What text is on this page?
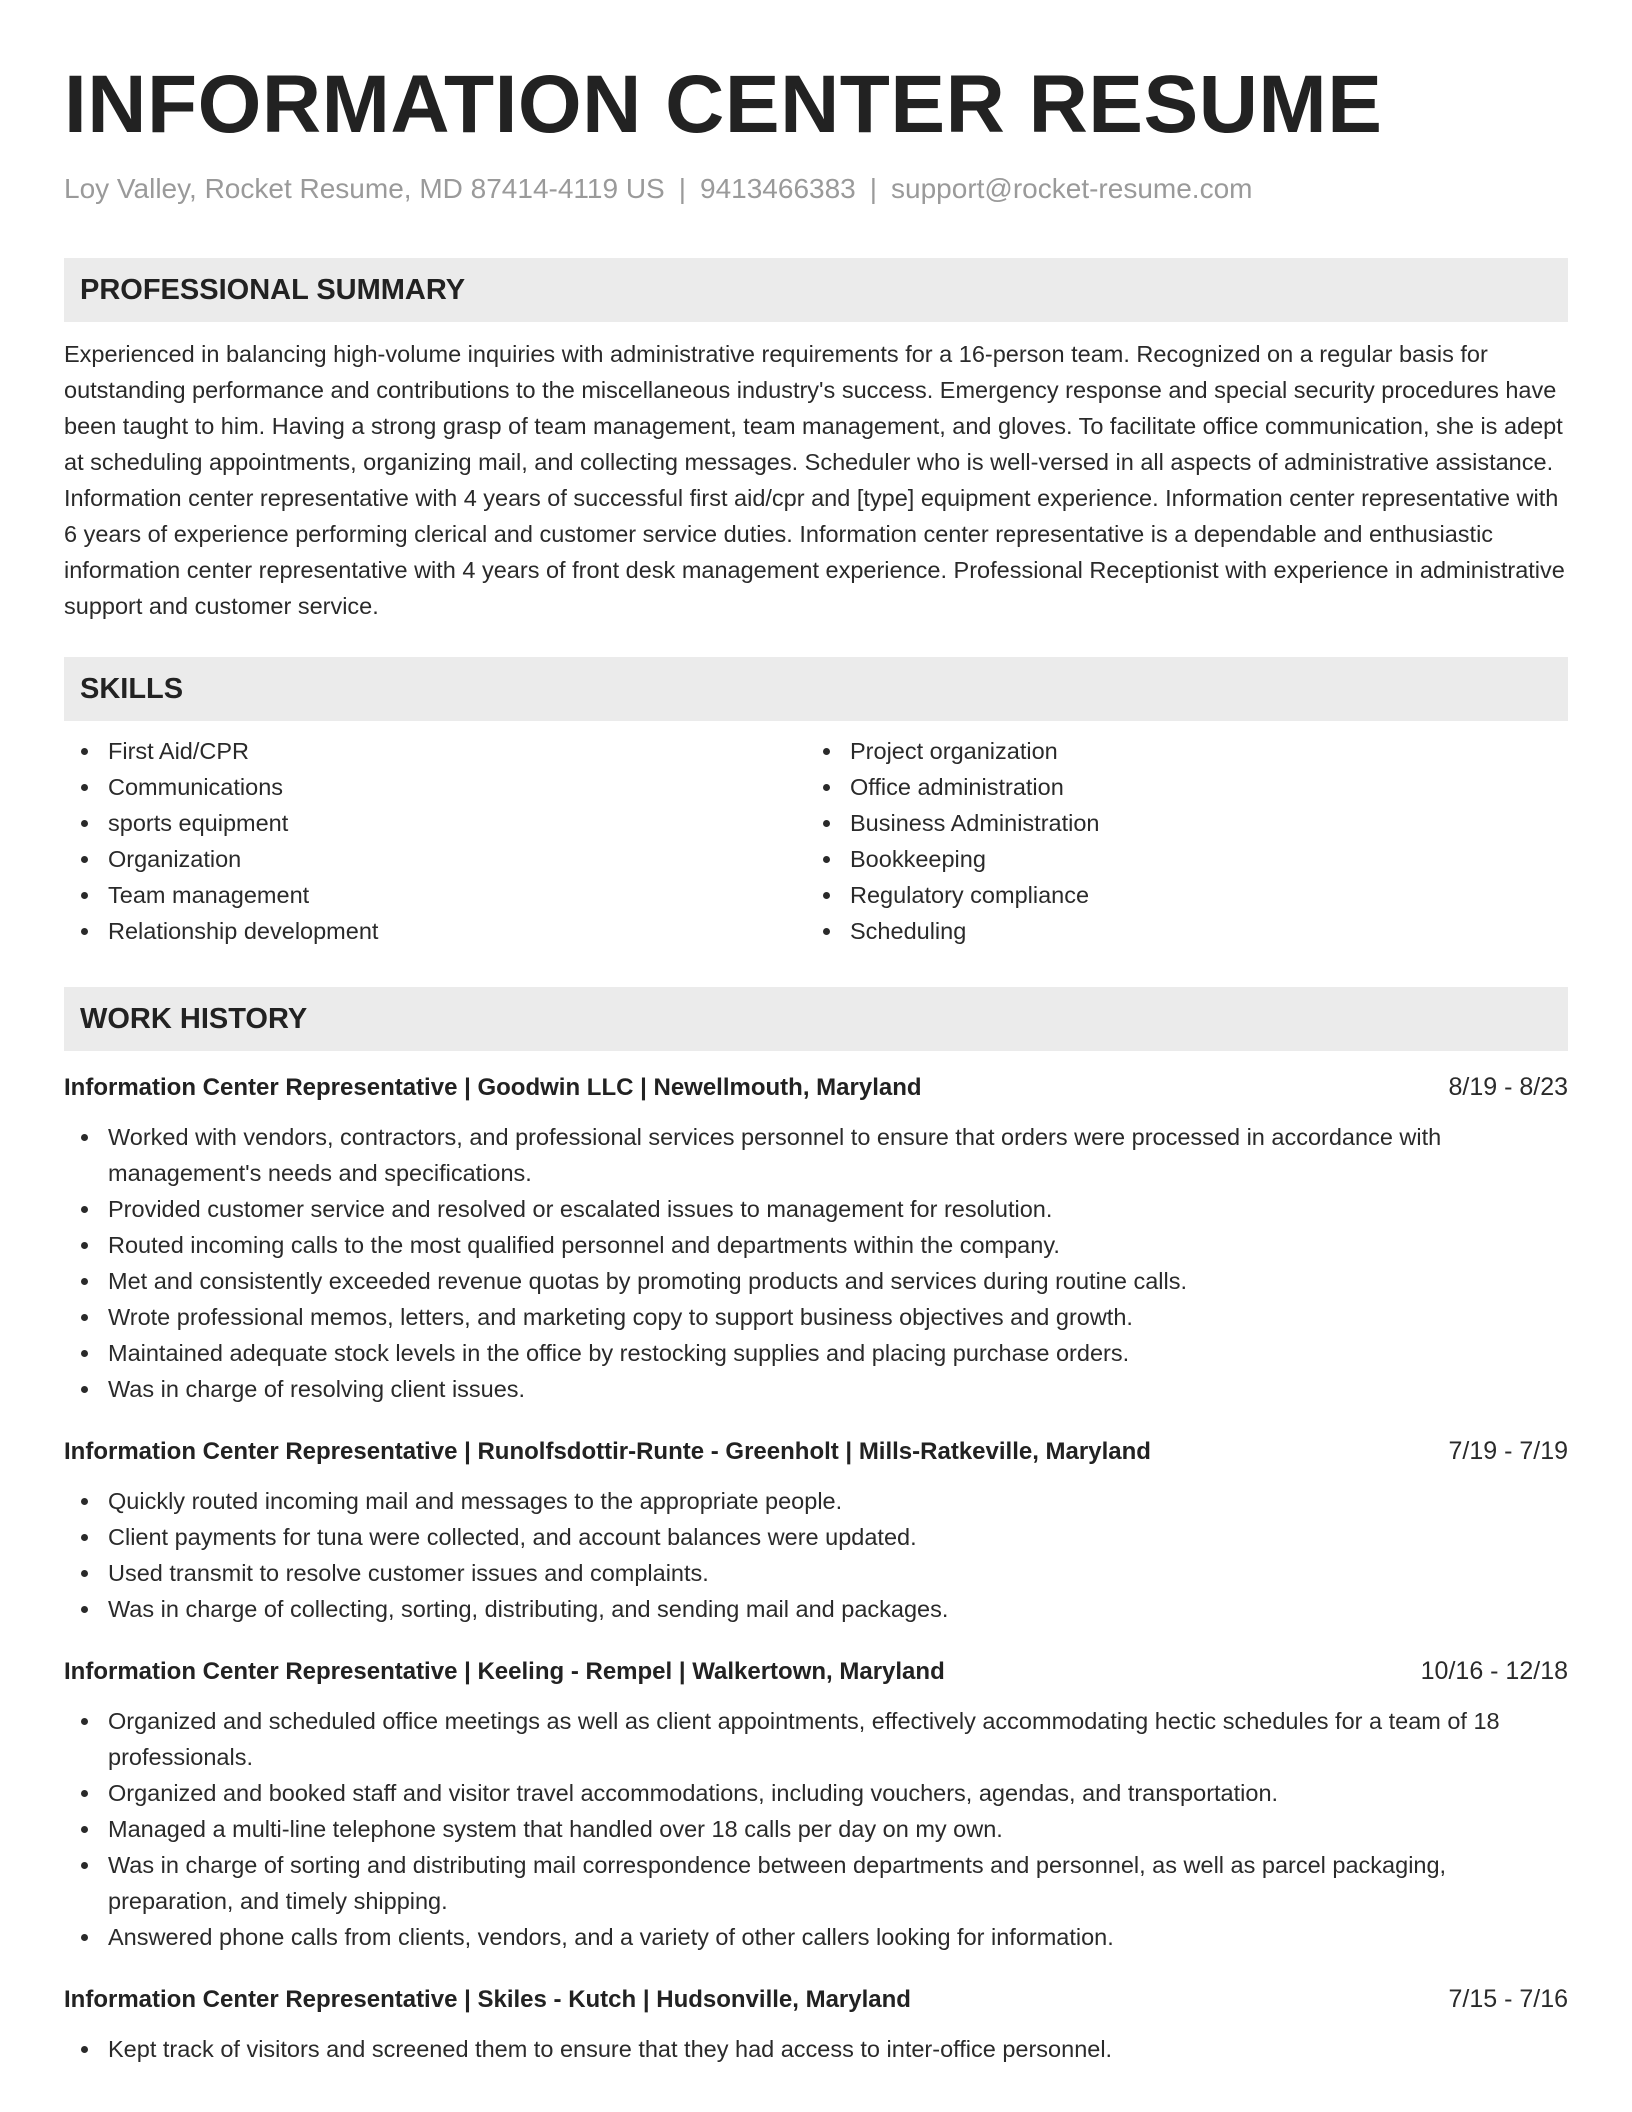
INFORMATION CENTER RESUME
Loy Valley, Rocket Resume, MD 87414-4119 US | 9413466383 | support@rocket-resume.com
PROFESSIONAL SUMMARY
Experienced in balancing high-volume inquiries with administrative requirements for a 16-person team. Recognized on a regular basis for outstanding performance and contributions to the miscellaneous industry's success. Emergency response and special security procedures have been taught to him. Having a strong grasp of team management, team management, and gloves. To facilitate office communication, she is adept at scheduling appointments, organizing mail, and collecting messages. Scheduler who is well-versed in all aspects of administrative assistance. Information center representative with 4 years of successful first aid/cpr and [type] equipment experience. Information center representative with 6 years of experience performing clerical and customer service duties. Information center representative is a dependable and enthusiastic information center representative with 4 years of front desk management experience. Professional Receptionist with experience in administrative support and customer service.
SKILLS
First Aid/CPR
Communications
sports equipment
Organization
Team management
Relationship development
Project organization
Office administration
Business Administration
Bookkeeping
Regulatory compliance
Scheduling
WORK HISTORY
Information Center Representative | Goodwin LLC | Newellmouth, Maryland	8/19 - 8/23
Worked with vendors, contractors, and professional services personnel to ensure that orders were processed in accordance with management's needs and specifications.
Provided customer service and resolved or escalated issues to management for resolution.
Routed incoming calls to the most qualified personnel and departments within the company.
Met and consistently exceeded revenue quotas by promoting products and services during routine calls.
Wrote professional memos, letters, and marketing copy to support business objectives and growth.
Maintained adequate stock levels in the office by restocking supplies and placing purchase orders.
Was in charge of resolving client issues.
Information Center Representative | Runolfsdottir-Runte - Greenholt | Mills-Ratkeville, Maryland	7/19 - 7/19
Quickly routed incoming mail and messages to the appropriate people.
Client payments for tuna were collected, and account balances were updated.
Used transmit to resolve customer issues and complaints.
Was in charge of collecting, sorting, distributing, and sending mail and packages.
Information Center Representative | Keeling - Rempel | Walkertown, Maryland	10/16 - 12/18
Organized and scheduled office meetings as well as client appointments, effectively accommodating hectic schedules for a team of 18 professionals.
Organized and booked staff and visitor travel accommodations, including vouchers, agendas, and transportation.
Managed a multi-line telephone system that handled over 18 calls per day on my own.
Was in charge of sorting and distributing mail correspondence between departments and personnel, as well as parcel packaging, preparation, and timely shipping.
Answered phone calls from clients, vendors, and a variety of other callers looking for information.
Information Center Representative | Skiles - Kutch | Hudsonville, Maryland	7/15 - 7/16
Kept track of visitors and screened them to ensure that they had access to inter-office personnel.
